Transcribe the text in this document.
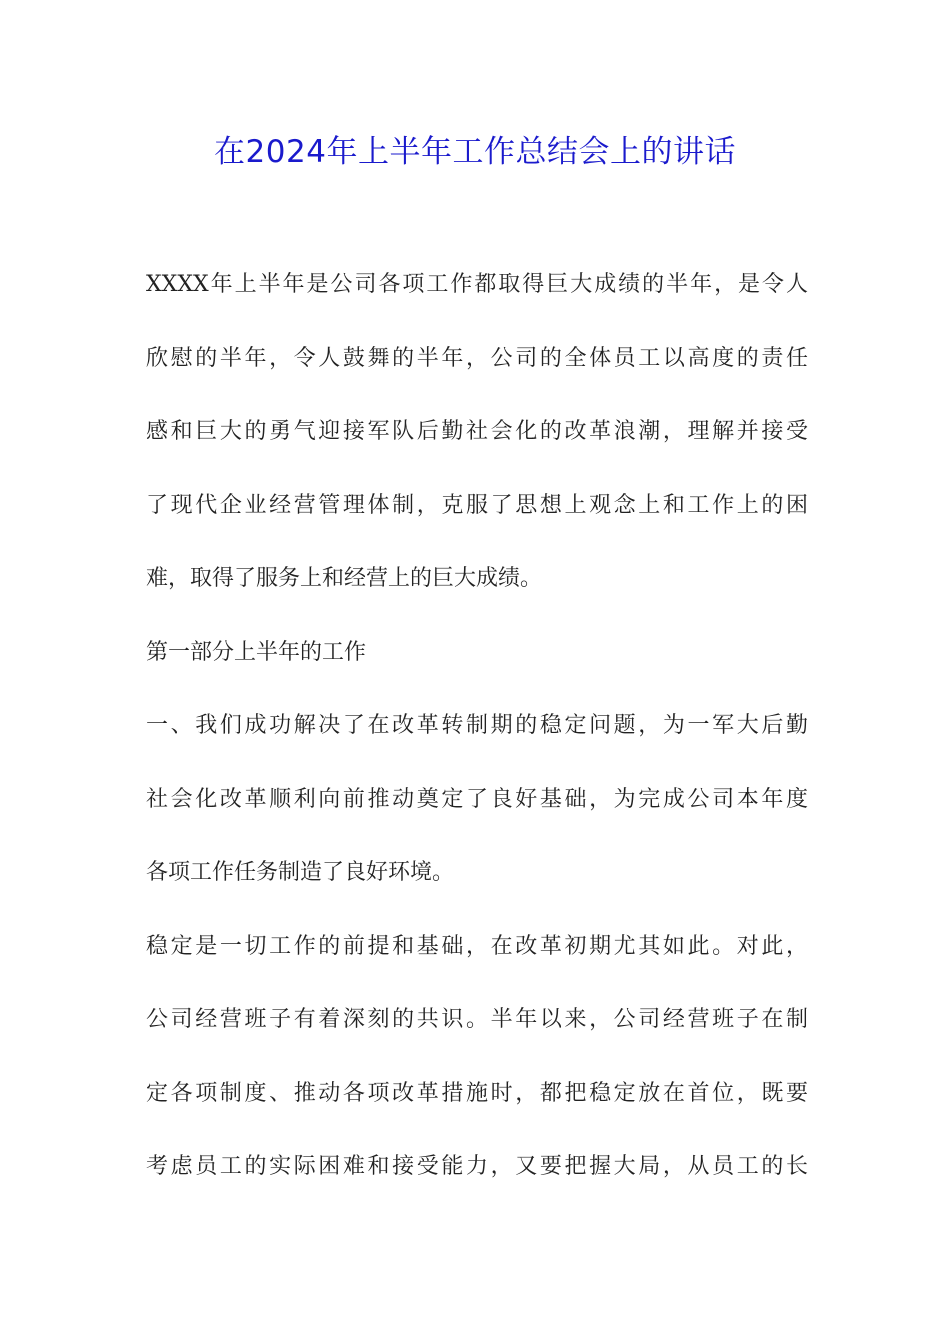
在2024年上半年工作总结会上的讲话
XXXX年上半年是公司各项工作都取得巨大成绩的半年，是令人
欣慰的半年，令人鼓舞的半年，公司的全体员工以高度的责任
感和巨大的勇气迎接军队后勤社会化的改革浪潮，理解并接受
了现代企业经营管理体制，克服了思想上观念上和工作上的困
难，取得了服务上和经营上的巨大成绩。
第一部分上半年的工作
一、我们成功解决了在改革转制期的稳定问题，为一军大后勤
社会化改革顺利向前推动奠定了良好基础，为完成公司本年度
各项工作任务制造了良好环境。
稳定是一切工作的前提和基础，在改革初期尤其如此。对此，
公司经营班子有着深刻的共识。半年以来，公司经营班子在制
定各项制度、推动各项改革措施时，都把稳定放在首位，既要
考虑员工的实际困难和接受能力，又要把握大局，从员工的长
